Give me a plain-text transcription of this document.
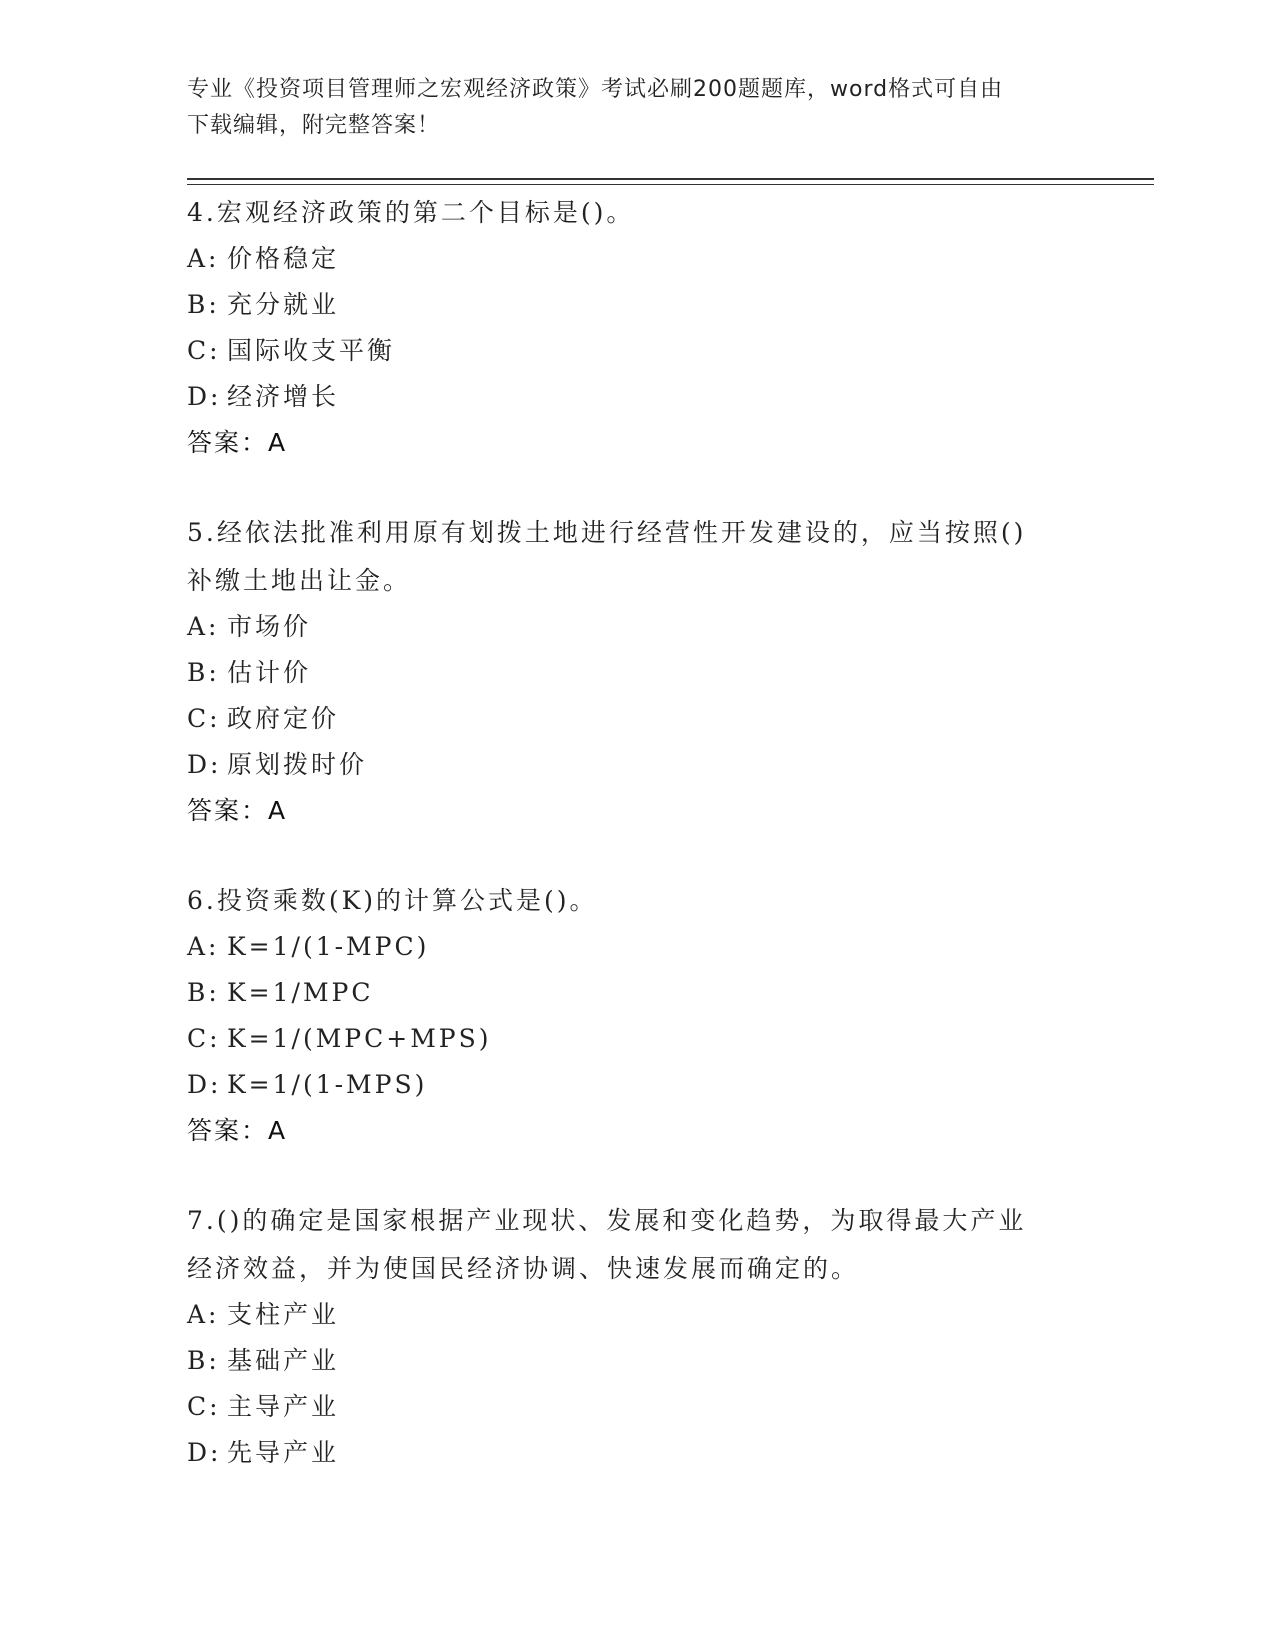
专业《投资项目管理师之宏观经济政策》考试必刷200题题库，word格式可自由
下载编辑，附完整答案！
4.宏观经济政策的第二个目标是()。
A: 价格稳定
B: 充分就业
C: 国际收支平衡
D: 经济增长
答案：A
5.经依法批准利用原有划拨土地进行经营性开发建设的，应当按照()
补缴土地出让金。
A: 市场价
B: 估计价
C: 政府定价
D: 原划拨时价
答案：A
6.投资乘数(K)的计算公式是()。
A: K=1/(1-MPC)
B: K=1/MPC
C: K=1/(MPC+MPS)
D: K=1/(1-MPS)
答案：A
7.()的确定是国家根据产业现状、发展和变化趋势，为取得最大产业
经济效益，并为使国民经济协调、快速发展而确定的。
A: 支柱产业
B: 基础产业
C: 主导产业
D: 先导产业
